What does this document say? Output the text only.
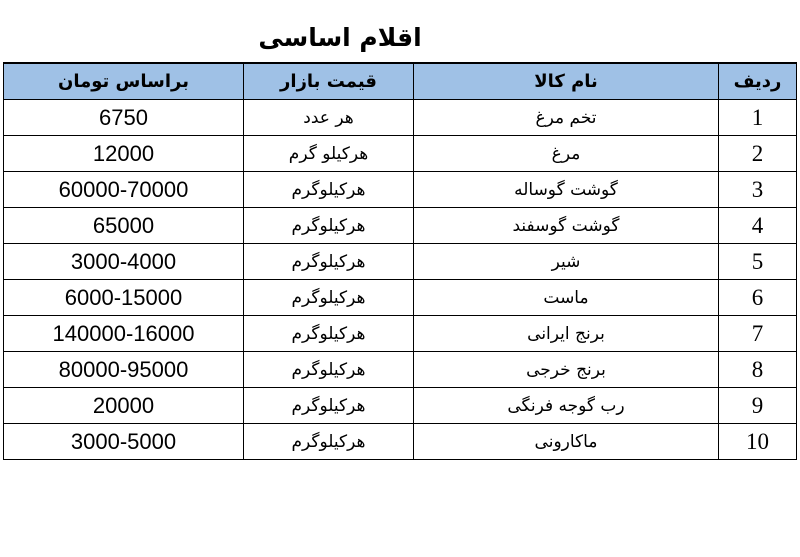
اقلام اساسی
براساس تومان	قیمت بازار	نام کالا	ردیف
6750	هر عدد	تخم مرغ	1
12000	هرکیلو گرم	مرغ	2
60000-70000	هرکیلوگرم	گوشت گوساله	3
65000	هرکیلوگرم	گوشت گوسفند	4
3000-4000	هرکیلوگرم	شیر	5
6000-15000	هرکیلوگرم	ماست	6
140000-16000	هرکیلوگرم	برنج ایرانی	7
80000-95000	هرکیلوگرم	برنج خرجی	8
20000	هرکیلوگرم	رب گوجه فرنگی	9
3000-5000	هرکیلوگرم	ماکارونی	10
